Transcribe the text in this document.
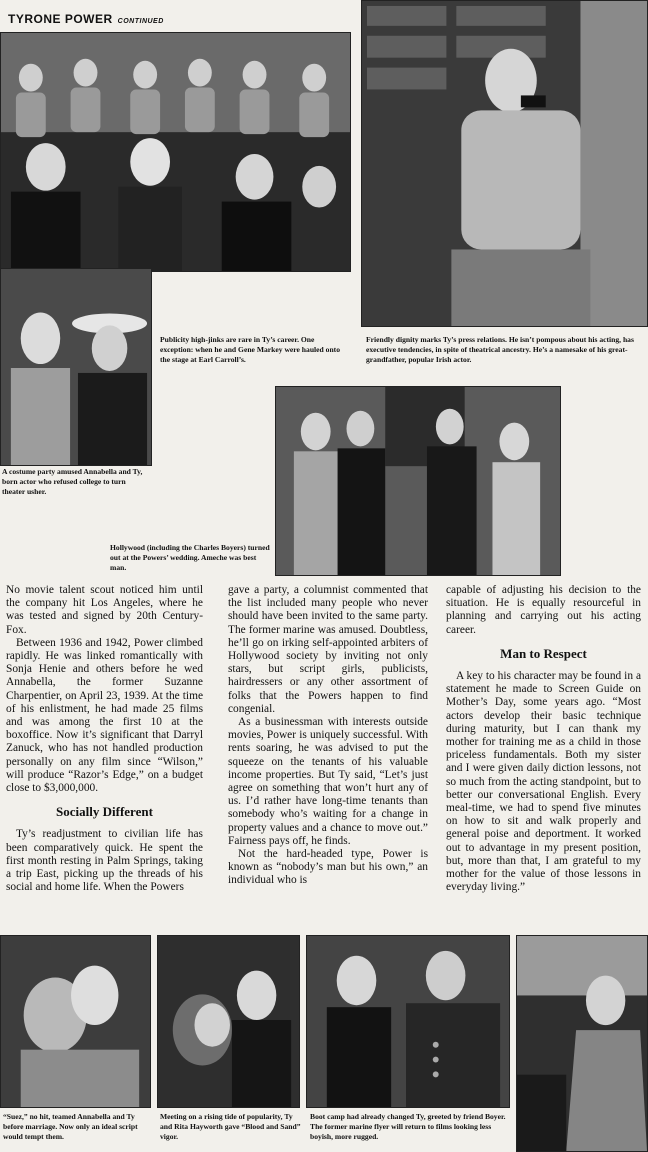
TYRONE POWER CONTINUED
Publicity high-jinks are rare in Ty’s career. One exception: when he and Gene Markey were hauled onto the stage at Earl Carroll’s.
Friendly dignity marks Ty’s press relations. He isn’t pompous about his acting, has executive tendencies, in spite of theatrical ancestry. He’s a namesake of his great-grandfather, popular Irish actor.
A costume party amused Annabella and Ty, born actor who refused college to turn theater usher.
Hollywood (including the Charles Boyers) turned out at the Powers’ wedding. Ameche was best man.

No movie talent scout noticed him until the company hit Los Angeles, where he was tested and signed by 20th Century-Fox.

Between 1936 and 1942, Power climbed rapidly. He was linked romantically with Sonja Henie and others before he wed Annabella, the former Suzanne Charpentier, on April 23, 1939. At the time of his enlistment, he had made 25 films and was among the first 10 at the boxoffice. Now it’s significant that Darryl Zanuck, who has not handled production personally on any film since “Wilson,” will produce “Razor’s Edge,” on a budget close to $3,000,000.

Socially Different

Ty’s readjustment to civilian life has been comparatively quick. He spent the first month resting in Palm Springs, taking a trip East, picking up the threads of his social and home life. When the Powers

gave a party, a columnist commented that the list included many people who never should have been invited to the same party. The former marine was amused. Doubtless, he’ll go on irking self-appointed arbiters of Hollywood society by inviting not only stars, but script girls, publicists, hairdressers or any other assortment of folks that the Powers happen to find congenial.

As a businessman with interests outside movies, Power is uniquely successful. With rents soaring, he was advised to put the squeeze on the tenants of his valuable income properties. But Ty said, “Let’s just agree on something that won’t hurt any of us. I’d rather have long-time tenants than somebody who’s waiting for a change in property values and a chance to move out.” Fairness pays off, he finds.

Not the hard-headed type, Power is known as “nobody’s man but his own,” an individual who is

capable of adjusting his decision to the situation. He is equally resourceful in planning and carrying out his acting career.

Man to Respect

A key to his character may be found in a statement he made to Screen Guide on Mother’s Day, some years ago. “Most actors develop their basic technique during maturity, but I can thank my mother for training me as a child in those priceless fundamentals. Both my sister and I were given daily diction lessons, not so much from the acting standpoint, but to better our conversational English. Every meal-time, we had to spend five minutes on how to sit and walk properly and general poise and deportment. It worked out to advantage in my present position, but, more than that, I am grateful to my mother for the value of those lessons in everyday living.”

“Suez,” no hit, teamed Annabella and Ty before marriage. Now only an ideal script would tempt them.
Meeting on a rising tide of popularity, Ty and Rita Hayworth gave “Blood and Sand” vigor.
Boot camp had already changed Ty, greeted by friend Boyer. The former marine flyer will return to films looking less boyish, more rugged.
